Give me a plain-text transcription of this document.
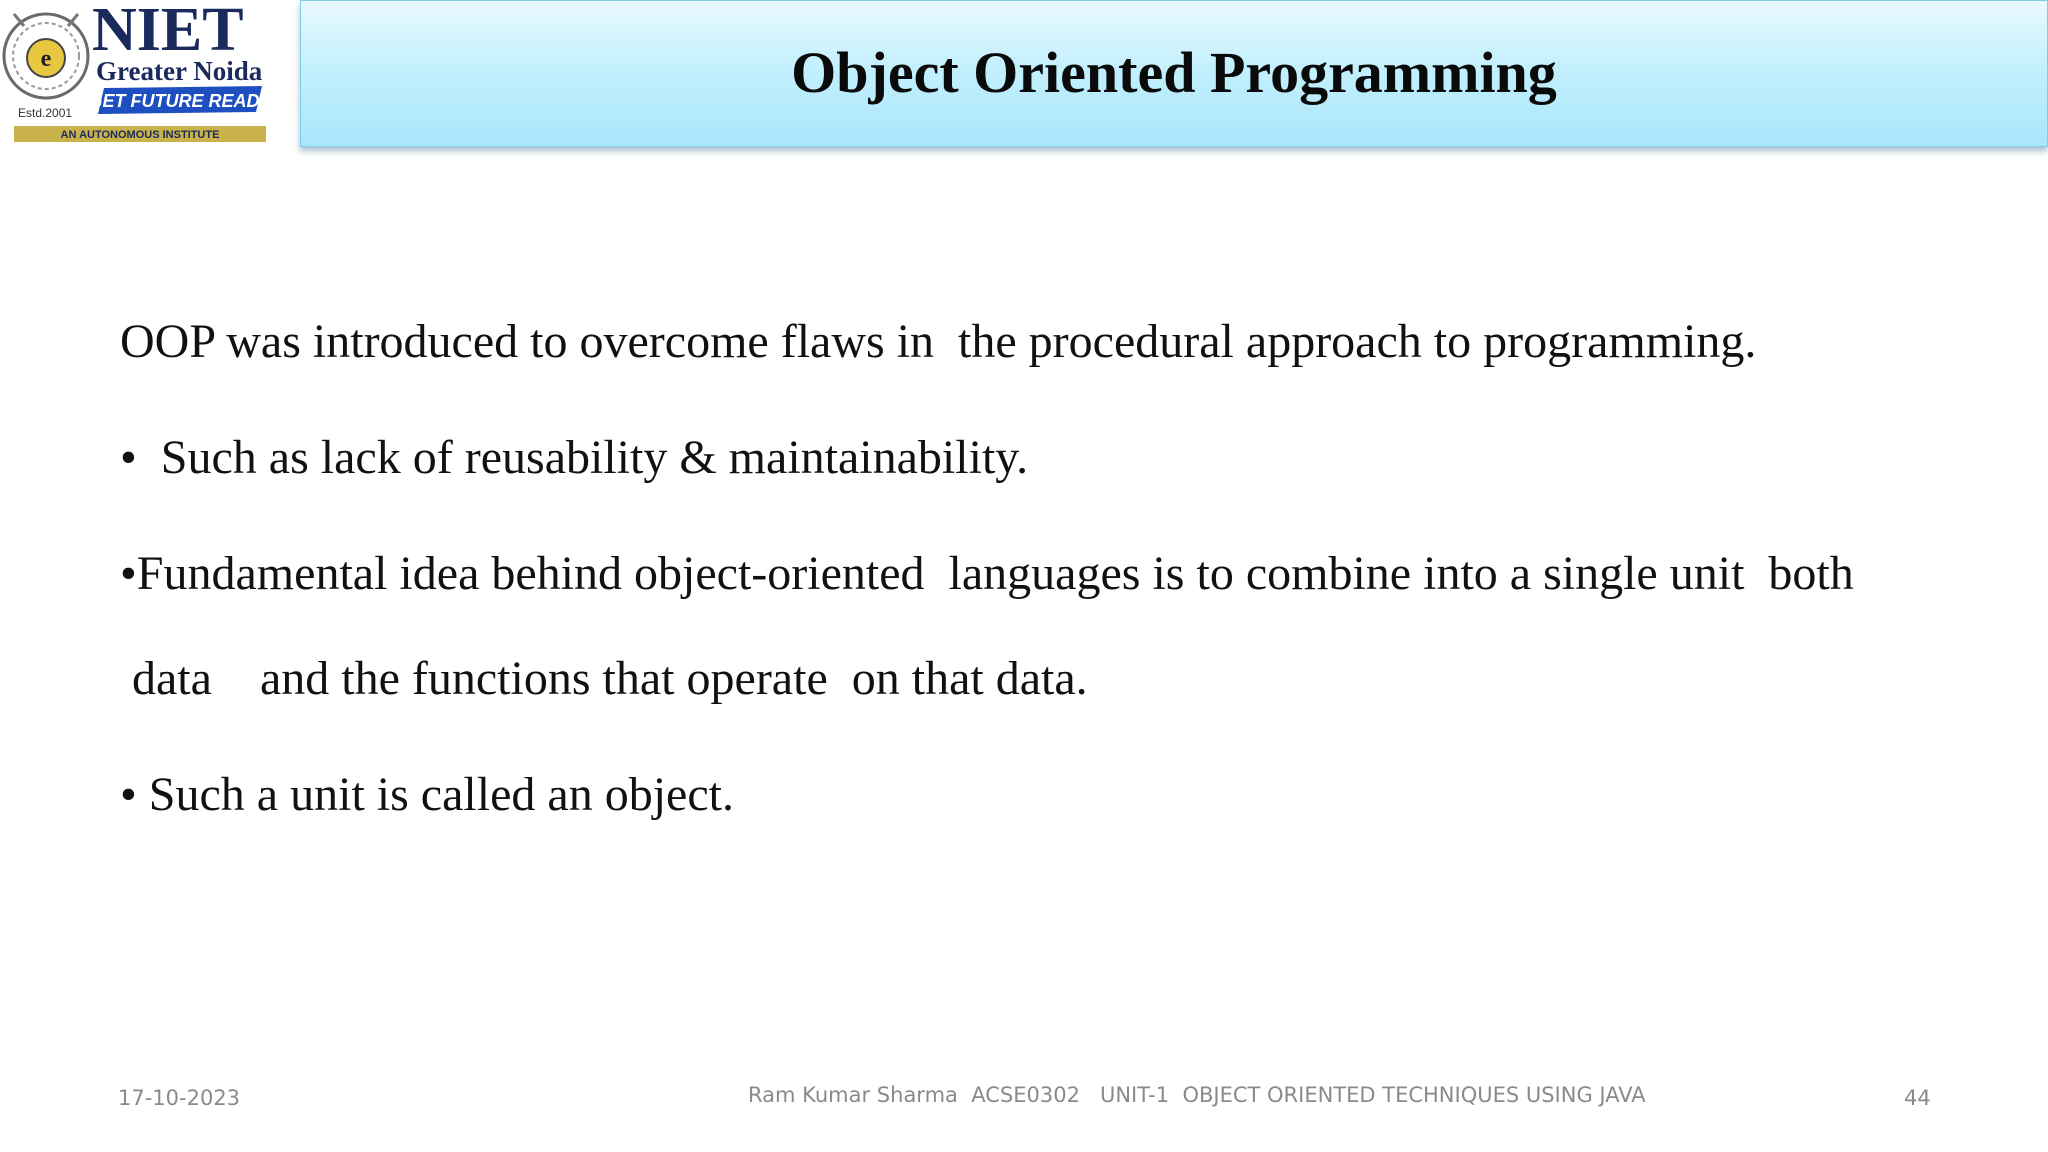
e
Estd.2001
NIET
Greater Noida
GET FUTURE READY
AN AUTONOMOUS INSTITUTE
Object Oriented Programming
OOP was introduced to overcome flaws in  the procedural approach to programming.
•  Such as lack of reusability & maintainability.
•Fundamental idea behind object-oriented  languages is to combine into a single unit  both
data    and the functions that operate  on that data.
• Such a unit is called an object.
17-10-2023	Ram Kumar Sharma  ACSE0302   UNIT-1  OBJECT ORIENTED TECHNIQUES USING JAVA	44
